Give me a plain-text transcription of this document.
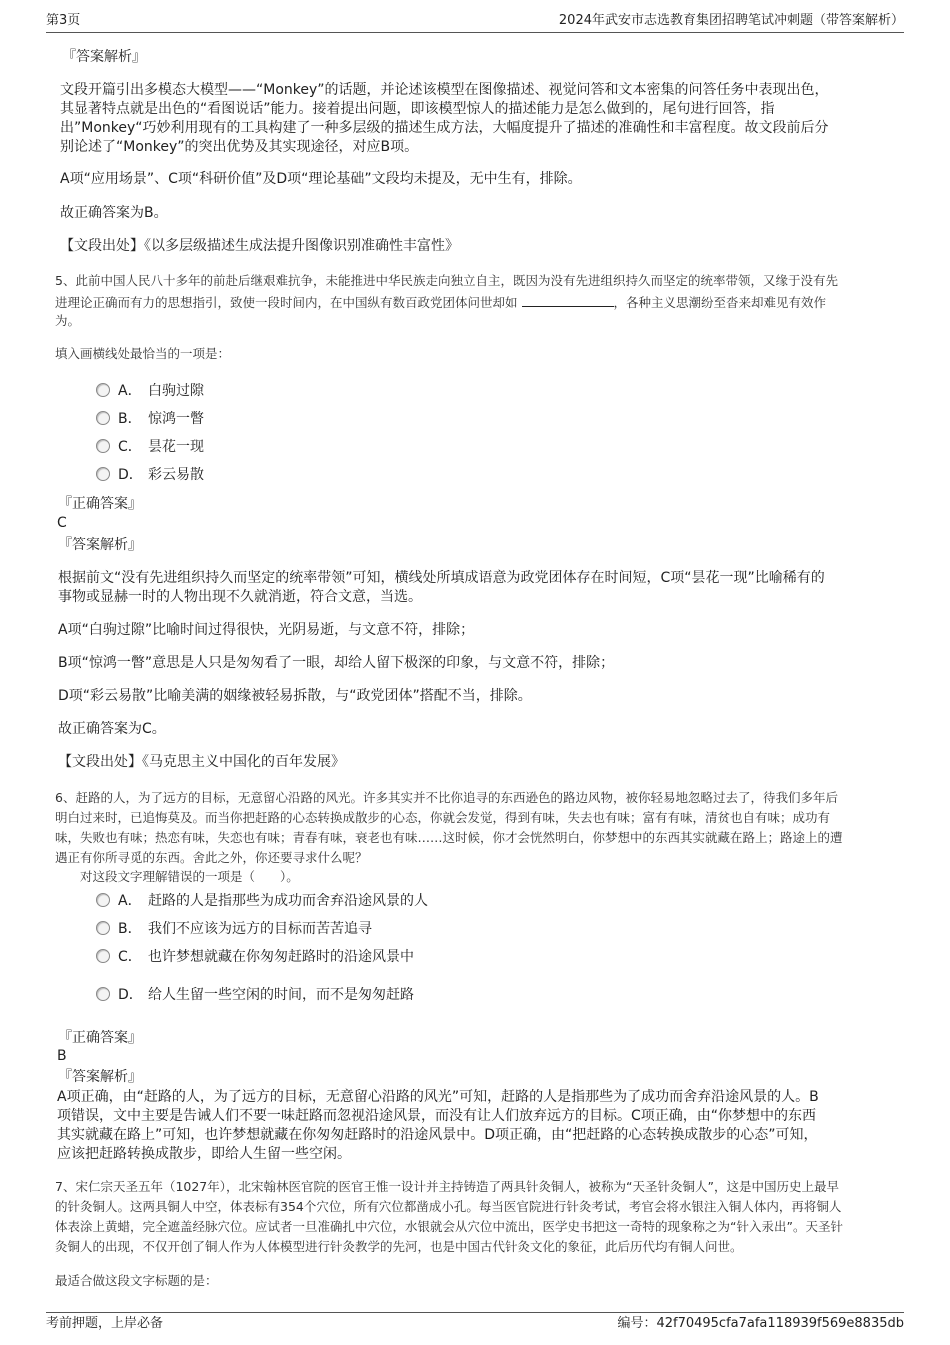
第3页	2024年武安市志选教育集团招聘笔试冲刺题（带答案解析）
『答案解析』
文段开篇引出多模态大模型——“Monkey”的话题，并论述该模型在图像描述、视觉问答和文本密集的问答任务中表现出色，
其显著特点就是出色的“看图说话”能力。接着提出问题，即该模型惊人的描述能力是怎么做到的，尾句进行回答，指
出”Monkey“巧妙利用现有的工具构建了一种多层级的描述生成方法，大幅度提升了描述的准确性和丰富程度。故文段前后分
别论述了“Monkey”的突出优势及其实现途径，对应B项。
A项“应用场景”、C项“科研价值”及D项“理论基础”文段均未提及，无中生有，排除。
故正确答案为B。
【文段出处】《以多层级描述生成法提升图像识别准确性丰富性》
5、此前中国人民八十多年的前赴后继艰难抗争，未能推进中华民族走向独立自主，既因为没有先进组织持久而坚定的统率带领，又缘于没有先
进理论正确而有力的思想指引，致使一段时间内，在中国纵有数百政党团体问世却如	，各种主义思潮纷至沓来却难见有效作
为。
填入画横线处最恰当的一项是：
A． 白驹过隙
B． 惊鸿一瞥
C． 昙花一现
D． 彩云易散
『正确答案』
C
『答案解析』
根据前文“没有先进组织持久而坚定的统率带领”可知，横线处所填成语意为政党团体存在时间短，C项“昙花一现”比喻稀有的
事物或显赫一时的人物出现不久就消逝，符合文意，当选。
A项“白驹过隙”比喻时间过得很快，光阴易逝，与文意不符，排除；
B项“惊鸿一瞥”意思是人只是匆匆看了一眼，却给人留下极深的印象，与文意不符，排除；
D项“彩云易散”比喻美满的姻缘被轻易拆散，与“政党团体”搭配不当，排除。
故正确答案为C。
【文段出处】《马克思主义中国化的百年发展》
6、赶路的人，为了远方的目标，无意留心沿路的风光。许多其实并不比你追寻的东西逊色的路边风物，被你轻易地忽略过去了，待我们多年后
明白过来时，已追悔莫及。而当你把赶路的心态转换成散步的心态，你就会发觉，得到有味，失去也有味；富有有味，清贫也自有味；成功有
味，失败也有味；热恋有味，失恋也有味；青春有味，衰老也有味……这时候，你才会恍然明白，你梦想中的东西其实就藏在路上；路途上的遭
遇正有你所寻觅的东西。舍此之外，你还要寻求什么呢？
对这段文字理解错误的一项是（　　）。
A． 赶路的人是指那些为成功而舍弃沿途风景的人
B． 我们不应该为远方的目标而苦苦追寻
C． 也许梦想就藏在你匆匆赶路时的沿途风景中
D． 给人生留一些空闲的时间，而不是匆匆赶路
『正确答案』
B
『答案解析』
A项正确，由“赶路的人，为了远方的目标，无意留心沿路的风光”可知，赶路的人是指那些为了成功而舍弃沿途风景的人。B
项错误，文中主要是告诫人们不要一味赶路而忽视沿途风景，而没有让人们放弃远方的目标。C项正确，由“你梦想中的东西
其实就藏在路上”可知，也许梦想就藏在你匆匆赶路时的沿途风景中。D项正确，由“把赶路的心态转换成散步的心态”可知，
应该把赶路转换成散步，即给人生留一些空闲。
7、宋仁宗天圣五年（1027年），北宋翰林医官院的医官王惟一设计并主持铸造了两具针灸铜人，被称为“天圣针灸铜人”，这是中国历史上最早
的针灸铜人。这两具铜人中空，体表标有354个穴位，所有穴位都凿成小孔。每当医官院进行针灸考试，考官会将水银注入铜人体内，再将铜人
体表涂上黄蜡，完全遮盖经脉穴位。应试者一旦准确扎中穴位，水银就会从穴位中流出，医学史书把这一奇特的现象称之为“针入汞出”。天圣针
灸铜人的出现，不仅开创了铜人作为人体模型进行针灸教学的先河，也是中国古代针灸文化的象征，此后历代均有铜人问世。
最适合做这段文字标题的是：
考前押题，上岸必备	编号：42f70495cfa7afa118939f569e8835db
